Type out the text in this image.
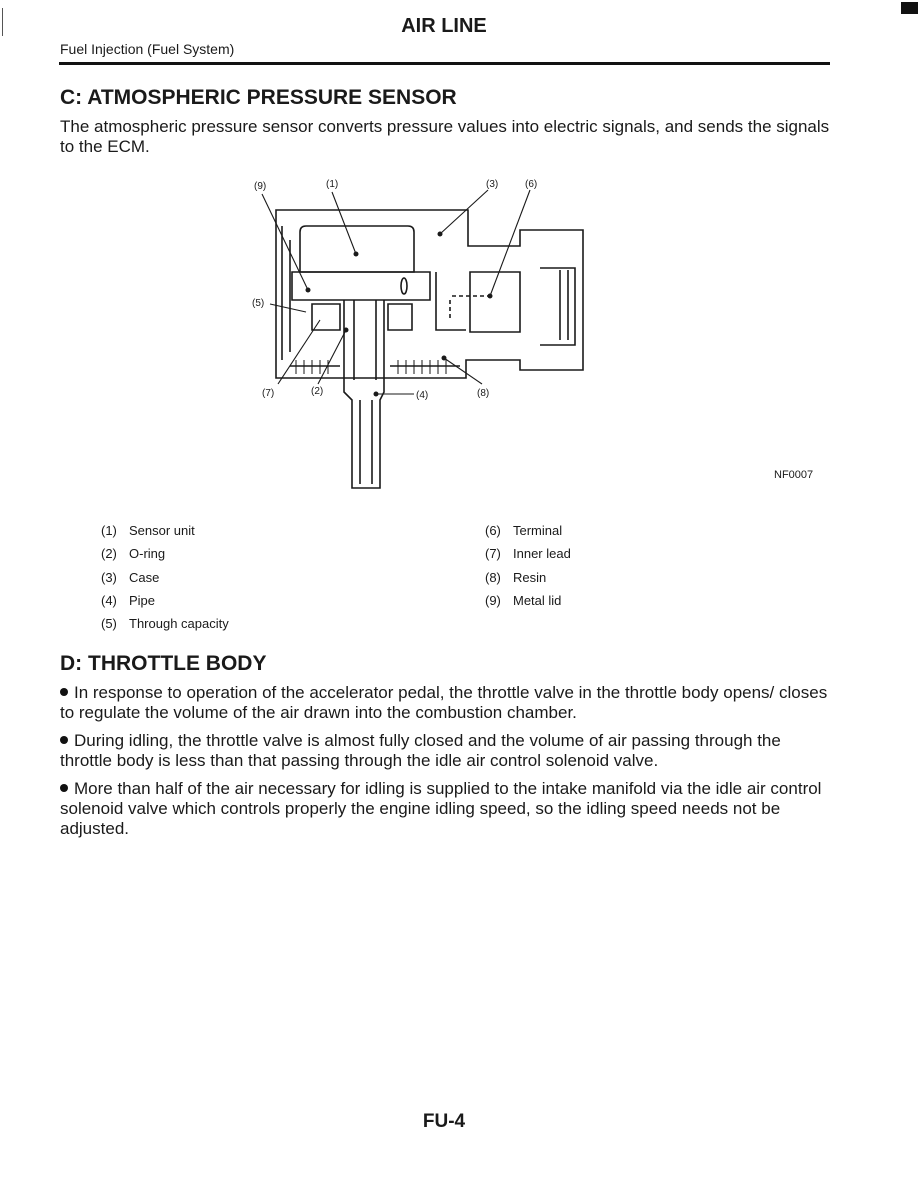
AIR LINE
Fuel Injection (Fuel System)
C: ATMOSPHERIC PRESSURE SENSOR
The atmospheric pressure sensor converts pressure values into electric signals, and sends the signals to the ECM.
(9)	(1)	(3)	(6)
(5)
(7)	(2)	(4)	(8)
NF0007
(1) Sensor unit
(2) O-ring
(3) Case
(4) Pipe
(5) Through capacity
(6) Terminal
(7) Inner lead
(8) Resin
(9) Metal lid
D: THROTTLE BODY
In response to operation of the accelerator pedal, the throttle valve in the throttle body opens/ closes to regulate the volume of the air drawn into the combustion chamber.
During idling, the throttle valve is almost fully closed and the volume of air passing through the throttle body is less than that passing through the idle air control solenoid valve.
More than half of the air necessary for idling is supplied to the intake manifold via the idle air control solenoid valve which controls properly the engine idling speed, so the idling speed needs not be adjusted.
FU-4
